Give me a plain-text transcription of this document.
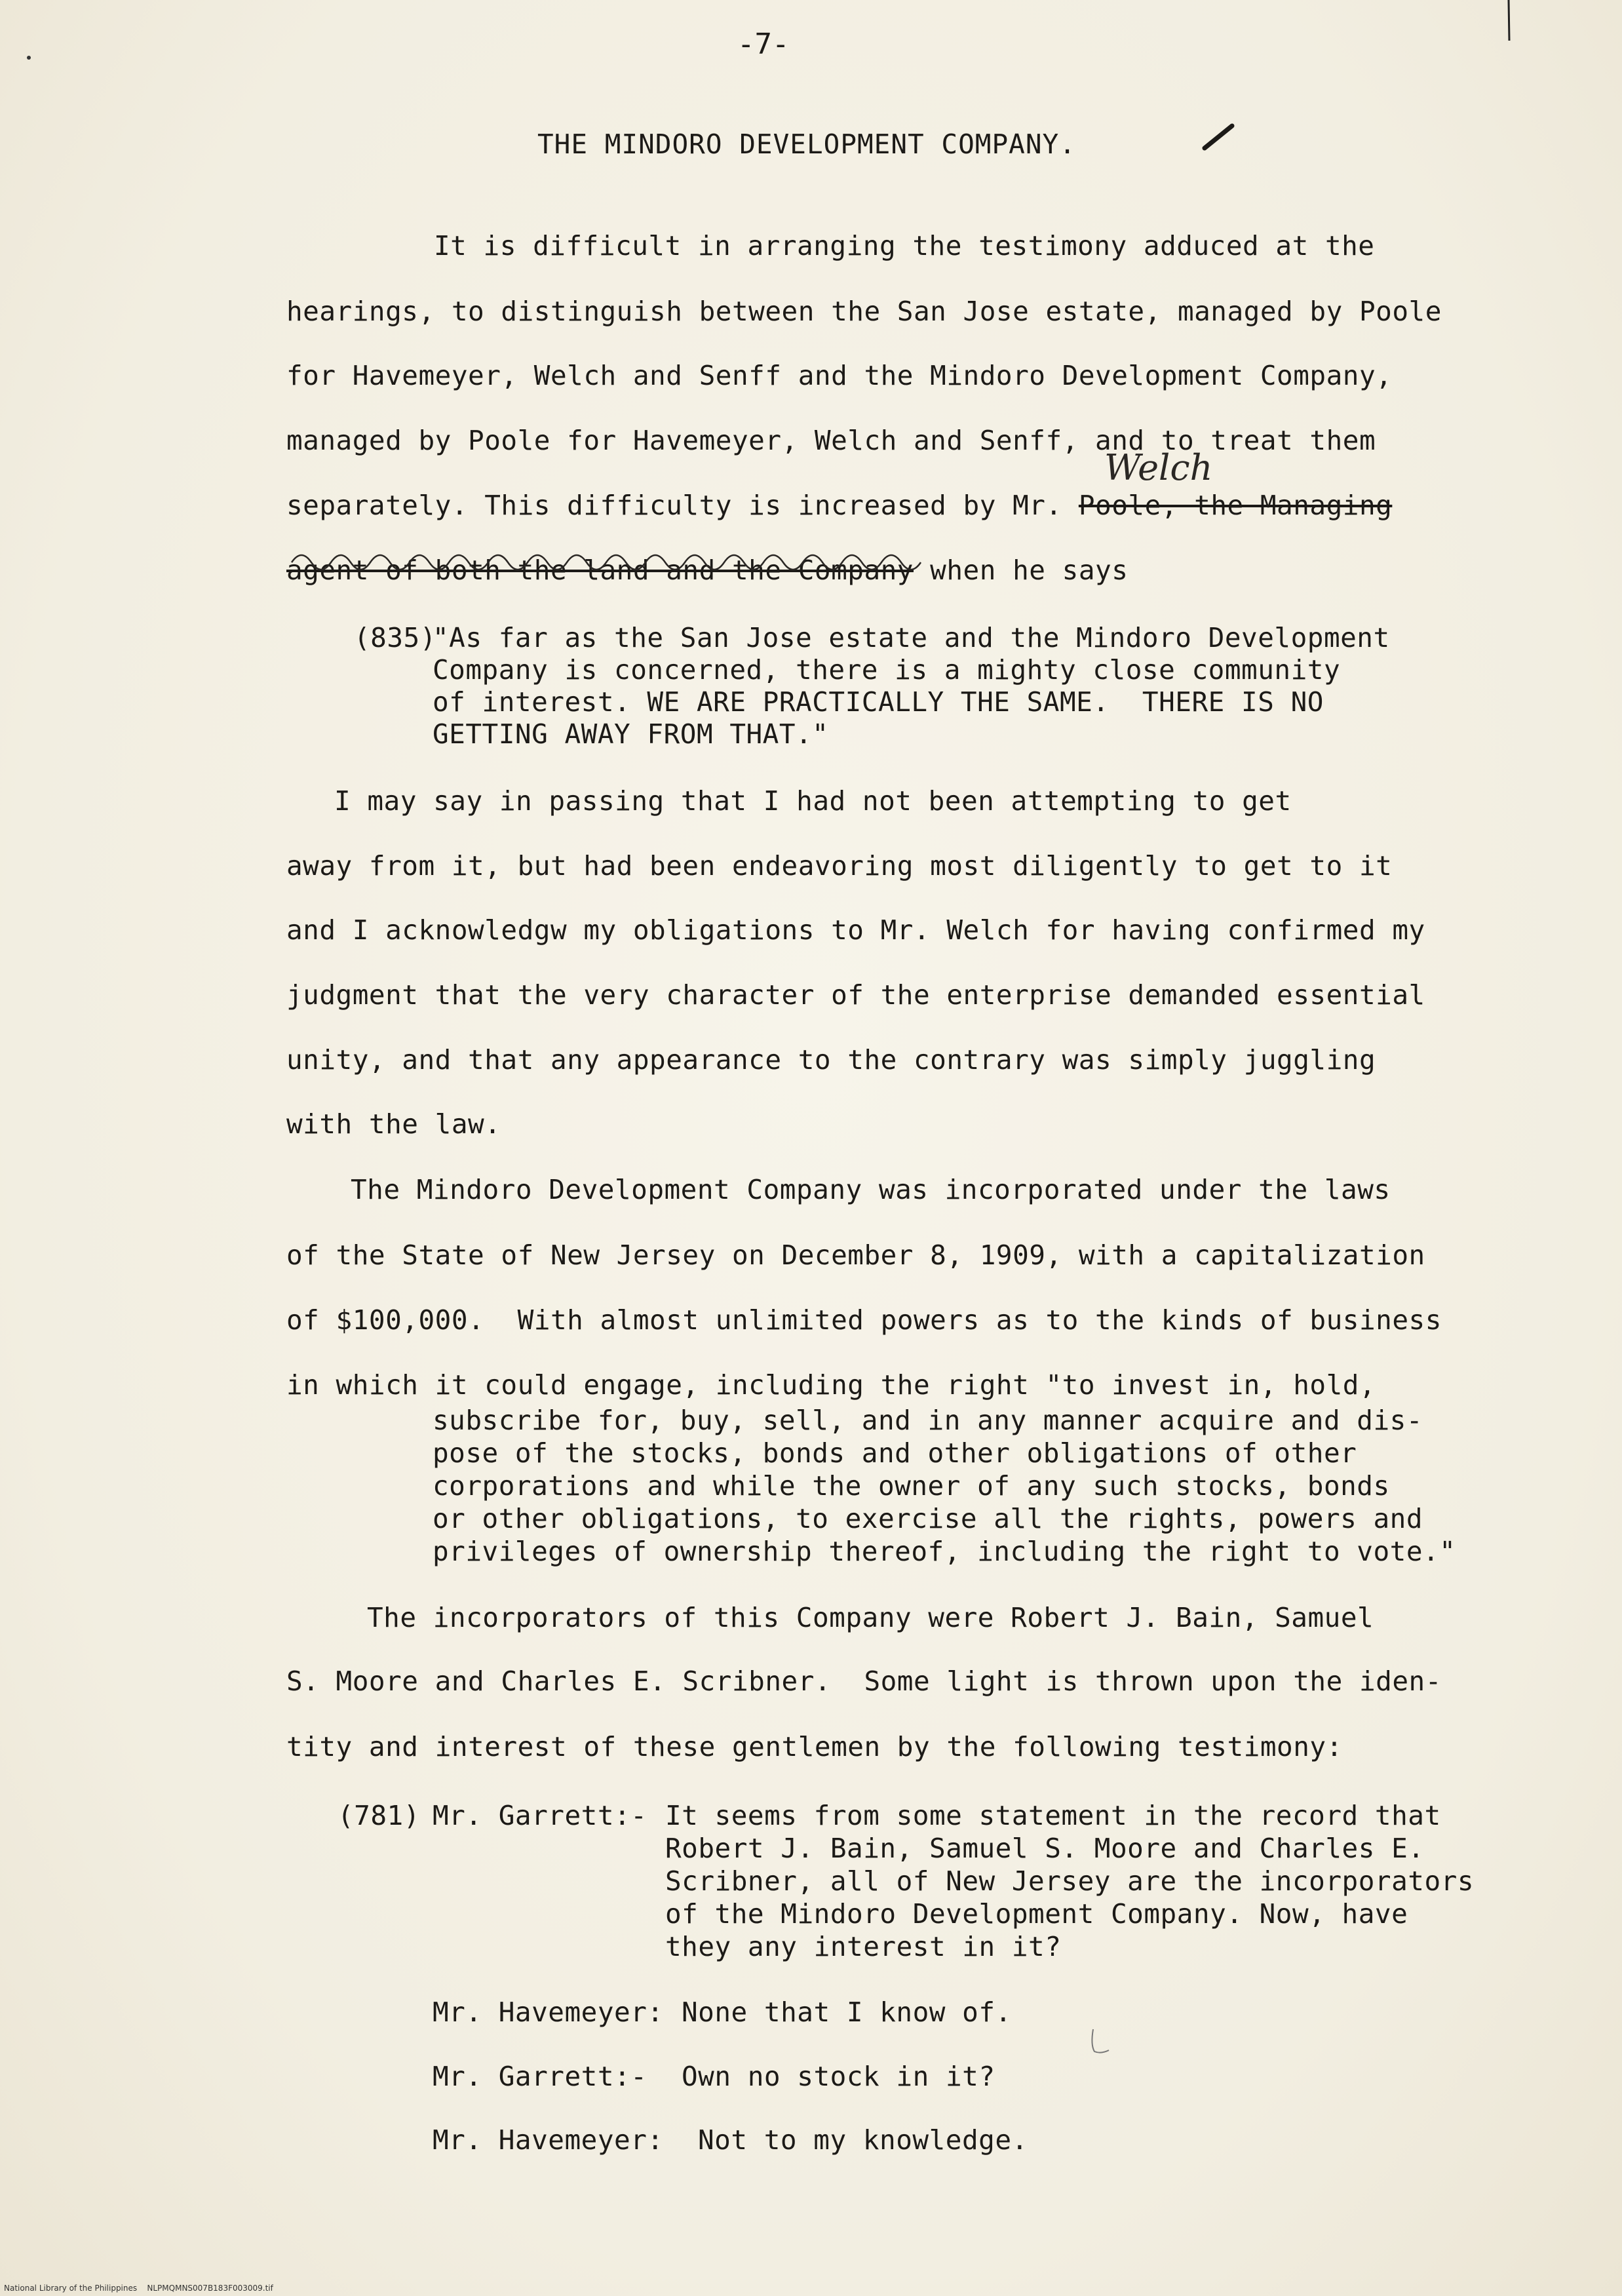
-7-
THE MINDORO DEVELOPMENT COMPANY.
It is difficult in arranging the testimony adduced at the
hearings, to distinguish between the San Jose estate, managed by Poole
for Havemeyer, Welch and Senff and the Mindoro Development Company,
managed by Poole for Havemeyer, Welch and Senff, and to treat them
separately. This difficulty is increased by Mr. Poole, the Managing
Welch
agent of both the land and the Company when he says
(835)
"As far as the San Jose estate and the Mindoro Development
Company is concerned, there is a mighty close community
of interest. WE ARE PRACTICALLY THE SAME.  THERE IS NO
GETTING AWAY FROM THAT."
I may say in passing that I had not been attempting to get
away from it, but had been endeavoring most diligently to get to it
and I acknowledgw my obligations to Mr. Welch for having confirmed my
judgment that the very character of the enterprise demanded essential
unity, and that any appearance to the contrary was simply juggling
with the law.
The Mindoro Development Company was incorporated under the laws
of the State of New Jersey on December 8, 1909, with a capitalization
of $100,000.  With almost unlimited powers as to the kinds of business
in which it could engage, including the right "to invest in, hold,
subscribe for, buy, sell, and in any manner acquire and dis-
pose of the stocks, bonds and other obligations of other
corporations and while the owner of any such stocks, bonds
or other obligations, to exercise all the rights, powers and
privileges of ownership thereof, including the right to vote."
The incorporators of this Company were Robert J. Bain, Samuel
S. Moore and Charles E. Scribner.  Some light is thrown upon the iden-
tity and interest of these gentlemen by the following testimony:
(781) Mr. Garrett:- It seems from some statement in the record that
Robert J. Bain, Samuel S. Moore and Charles E.
Scribner, all of New Jersey are the incorporators
of the Mindoro Development Company. Now, have
they any interest in it?
Mr. Havemeyer: None that I know of.
Mr. Garrett:- Own no stock in it?
Mr. Havemeyer: Not to my knowledge.
National Library of the Philippines    NLPMQMNS007B183F003009.tif
